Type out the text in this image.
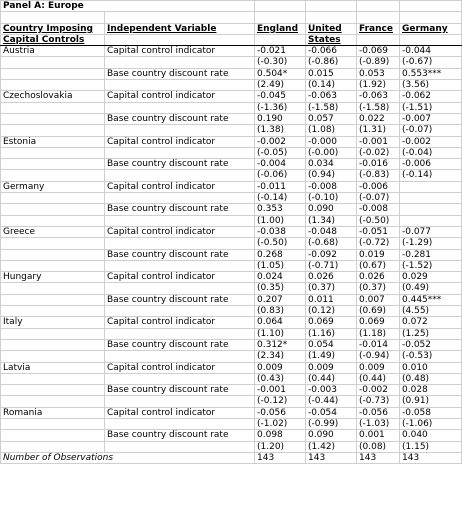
Panel A: Europe					

Country Imposing	Independent Variable	England	United	France	Germany
Capital Controls			States		
Austria	Capital control indicator	-0.021	-0.066	-0.069	-0.044
		(-0.30)	(-0.86)	(-0.89)	(-0.67)
	Base country discount rate	0.504*	0.015	0.053	0.553***
		(2.49)	(0.14)	(1.92)	(3.56)
Czechoslovakia	Capital control indicator	-0.045	-0.063	-0.063	-0.062
		(-1.36)	(-1.58)	(-1.58)	(-1.51)
	Base country discount rate	0.190	0.057	0.022	-0.007
		(1.38)	(1.08)	(1.31)	(-0.07)
Estonia	Capital control indicator	-0.002	-0.000	-0.001	-0.002
		(-0.05)	(-0.00)	(-0.02)	(-0.04)
	Base country discount rate	-0.004	0.034	-0.016	-0.006
		(-0.06)	(0.94)	(-0.83)	(-0.14)
Germany	Capital control indicator	-0.011	-0.008	-0.006	
		(-0.14)	(-0.10)	(-0.07)	
	Base country discount rate	0.353	0.090	-0.008	
		(1.00)	(1.34)	(-0.50)	
Greece	Capital control indicator	-0.038	-0.048	-0.051	-0.077
		(-0.50)	(-0.68)	(-0.72)	(-1.29)
	Base country discount rate	0.268	-0.092	0.019	-0.281
		(1.05)	(-0.71)	(0.67)	(-1.52)
Hungary	Capital control indicator	0.024	0.026	0.026	0.029
		(0.35)	(0.37)	(0.37)	(0.49)
	Base country discount rate	0.207	0.011	0.007	0.445***
		(0.83)	(0.12)	(0.69)	(4.55)
Italy	Capital control indicator	0.064	0.069	0.069	0.072
		(1.10)	(1.16)	(1.18)	(1.25)
	Base country discount rate	0.312*	0.054	-0.014	-0.052
		(2.34)	(1.49)	(-0.94)	(-0.53)
Latvia	Capital control indicator	0.009	0.009	0.009	0.010
		(0.43)	(0.44)	(0.44)	(0.48)
	Base country discount rate	-0.001	-0.003	-0.002	0.028
		(-0.12)	(-0.44)	(-0.73)	(0.91)
Romania	Capital control indicator	-0.056	-0.054	-0.056	-0.058
		(-1.02)	(-0.99)	(-1.03)	(-1.06)
	Base country discount rate	0.098	0.090	0.001	0.040
		(1.20)	(1.42)	(0.08)	(1.15)
Number of Observations		143	143	143	143
